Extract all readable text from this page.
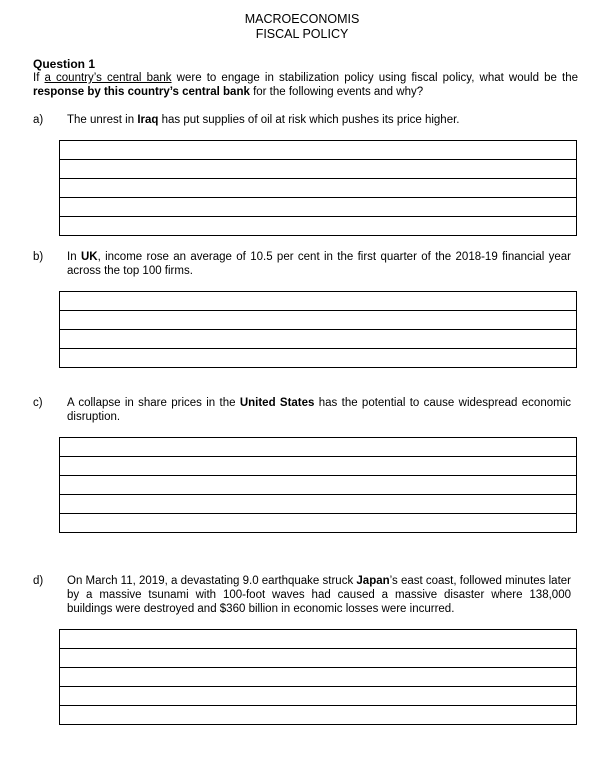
MACROECONOMIS
FISCAL POLICY
Question 1
If a country’s central bank were to engage in stabilization policy using fiscal policy, what would be the response by this country’s central bank for the following events and why?
a) The unrest in Iraq has put supplies of oil at risk which pushes its price higher.
b) In UK, income rose an average of 10.5 per cent in the first quarter of the 2018-19 financial year across the top 100 firms.
c) A collapse in share prices in the United States has the potential to cause widespread economic disruption.
d) On March 11, 2019, a devastating 9.0 earthquake struck Japan’s east coast, followed minutes later by a massive tsunami with 100-foot waves had caused a massive disaster where 138,000 buildings were destroyed and $360 billion in economic losses were incurred.
